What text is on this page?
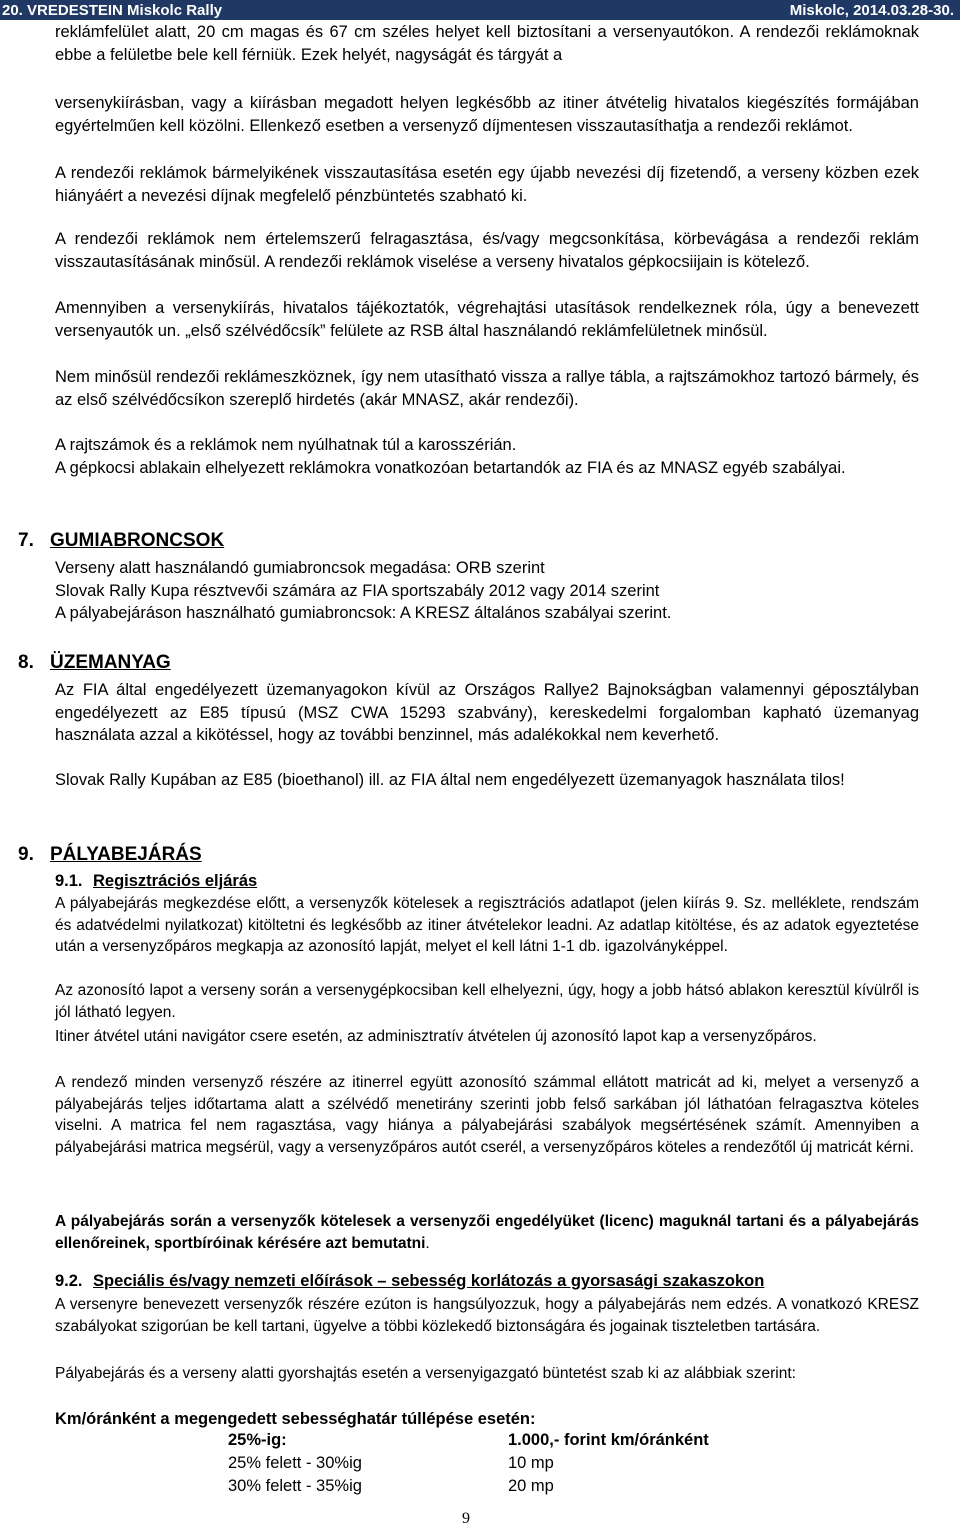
20. VREDESTEIN Miskolc Rally	Miskolc, 2014.03.28-30.
reklámfelület alatt, 20 cm magas és 67 cm széles helyet kell biztosítani a versenyautókon. A rendezői reklámoknak ebbe a felületbe bele kell férniük. Ezek helyét, nagyságát és tárgyát a
versenykiírásban, vagy a kiírásban megadott helyen legkésőbb az itiner átvételig hivatalos kiegészítés formájában egyértelműen kell közölni. Ellenkező esetben a versenyző díjmentesen visszautasíthatja a rendezői reklámot.
A rendezői reklámok bármelyikének visszautasítása esetén egy újabb nevezési díj fizetendő, a verseny közben ezek hiányáért a nevezési díjnak megfelelő pénzbüntetés szabható ki.
A rendezői reklámok nem értelemszerű felragasztása, és/vagy megcsonkítása, körbevágása a rendezői reklám visszautasításának minősül. A rendezői reklámok viselése a verseny hivatalos gépkocsiijain is kötelező.
Amennyiben a versenykiírás, hivatalos tájékoztatók, végrehajtási utasítások rendelkeznek róla, úgy a benevezett versenyautók un. „első szélvédőcsík” felülete az RSB által használandó reklámfelületnek minősül.
Nem minősül rendezői reklámeszköznek, így nem utasítható vissza a rallye tábla, a rajtszámokhoz tartozó bármely, és az első szélvédőcsíkon szereplő hirdetés (akár MNASZ, akár rendezői).
A rajtszámok és a reklámok nem nyúlhatnak túl a karosszérián.
A gépkocsi ablakain elhelyezett reklámokra vonatkozóan betartandók az FIA és az MNASZ egyéb szabályai.
7. GUMIABRONCSOK
Verseny alatt használandó gumiabroncsok megadása: ORB szerint
Slovak Rally Kupa résztvevői számára az FIA sportszabály 2012 vagy 2014 szerint
A pályabejáráson használható gumiabroncsok: A KRESZ általános szabályai szerint.
8. ÜZEMANYAG
Az FIA által engedélyezett üzemanyagokon kívül az Országos Rallye2 Bajnokságban valamennyi géposztályban engedélyezett az E85 típusú (MSZ CWA 15293 szabvány), kereskedelmi forgalomban kapható üzemanyag használata azzal a kikötéssel, hogy az további benzinnel, más adalékokkal nem keverhető.
Slovak Rally Kupában az E85 (bioethanol) ill. az FIA által nem engedélyezett üzemanyagok használata tilos!
9. PÁLYABEJÁRÁS
9.1. Regisztrációs eljárás
A pályabejárás megkezdése előtt, a versenyzők kötelesek a regisztrációs adatlapot (jelen kiírás 9. Sz. melléklete, rendszám és adatvédelmi nyilatkozat) kitöltetni és legkésőbb az itiner átvételekor leadni. Az adatlap kitöltése, és az adatok egyeztetése után a versenyzőpáros megkapja az azonosító lapját, melyet el kell látni 1-1 db. igazolványképpel.
Az azonosító lapot a verseny során a versenygépkocsiban kell elhelyezni, úgy, hogy a jobb hátsó ablakon keresztül kívülről is jól látható legyen.
Itiner átvétel utáni navigátor csere esetén, az adminisztratív átvételen új azonosító lapot kap a versenyzőpáros.
A rendező minden versenyző részére az itinerrel együtt azonosító számmal ellátott matricát ad ki, melyet a versenyző a pályabejárás teljes időtartama alatt a szélvédő menetirány szerinti jobb felső sarkában jól láthatóan felragasztva köteles viselni. A matrica fel nem ragasztása, vagy hiánya a pályabejárási szabályok megsértésének számít. Amennyiben a pályabejárási matrica megsérül, vagy a versenyzőpáros autót cserél, a versenyzőpáros köteles a rendezőtől új matricát kérni.
A pályabejárás során a versenyzők kötelesek a versenyzői engedélyüket (licenc) maguknál tartani és a pályabejárás ellenőreinek, sportbíróinak kérésére azt bemutatni.
9.2. Speciális és/vagy nemzeti előírások – sebesség korlátozás a gyorsasági szakaszokon
A versenyre benevezett versenyzők részére ezúton is hangsúlyozzuk, hogy a pályabejárás nem edzés. A vonatkozó KRESZ szabályokat szigorúan be kell tartani, ügyelve a többi közlekedő biztonságára és jogainak tiszteletben tartására.
Pályabejárás és a verseny alatti gyorshajtás esetén a versenyigazgató büntetést szab ki az alábbiak szerint:
Km/óránként a megengedett sebességhatár túllépése esetén:
25%-ig:	1.000,- forint km/óránként
25% felett - 30%ig	10 mp
30% felett - 35%ig	20 mp
9
